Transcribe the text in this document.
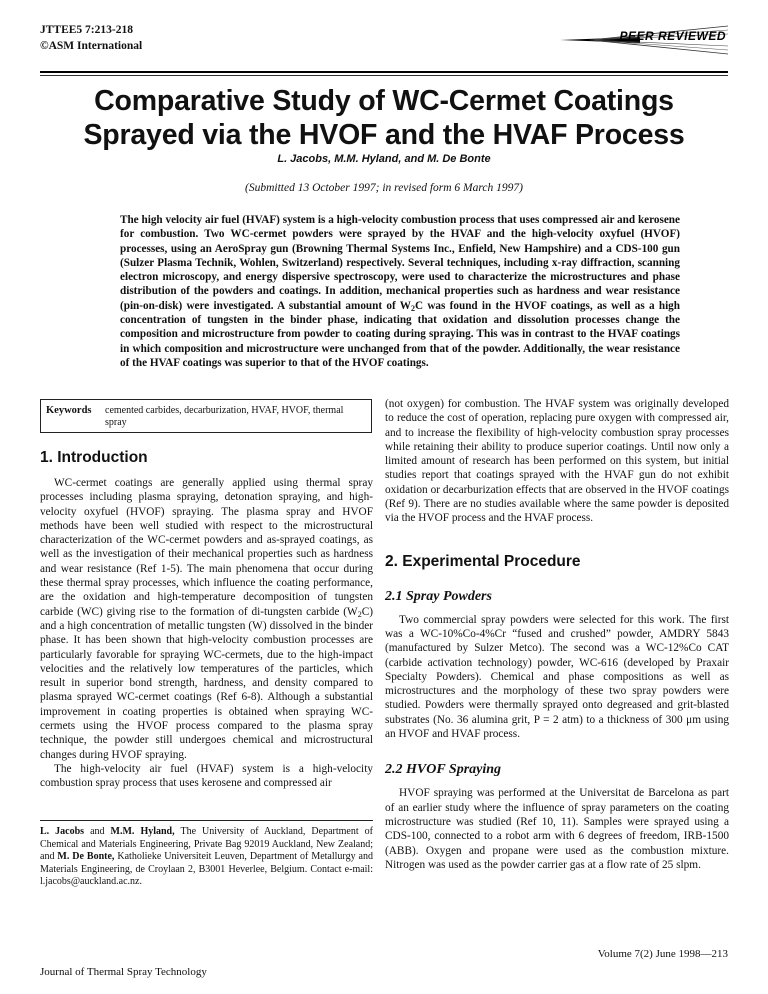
JTTEE5 7:213-218
©ASM International
PEER REVIEWED
Comparative Study of WC-Cermet Coatings
Sprayed via the HVOF and the HVAF Process
L. Jacobs, M.M. Hyland, and M. De Bonte
(Submitted 13 October 1997; in revised form 6 March 1997)
The high velocity air fuel (HVAF) system is a high-velocity combustion process that uses compressed air and kerosene for combustion. Two WC-cermet powders were sprayed by the HVAF and the high-velocity oxyfuel (HVOF) processes, using an AeroSpray gun (Browning Thermal Systems Inc., Enfield, New Hampshire) and a CDS-100 gun (Sulzer Plasma Technik, Wohlen, Switzerland) respectively. Several techniques, including x-ray diffraction, scanning electron microscopy, and energy dispersive spectroscopy, were used to characterize the microstructures and phase distribution of the powders and coatings. In addition, mechanical properties such as hardness and wear resistance (pin-on-disk) were investigated. A substantial amount of $W_2C$ was found in the HVOF coatings, as well as a high concentration of tungsten in the binder phase, indicating that oxidation and dissolution processes change the composition and microstructure from powder to coating during spraying. This was in contrast to the HVAF coatings in which composition and microstructure were unchanged from that of the powder. Additionally, the wear resistance of the HVAF coatings was superior to that of the HVOF coatings.
Keywords cemented carbides, decarburization, HVAF, HVOF, thermal spray
1. Introduction

WC-cermet coatings are generally applied using thermal spray processes including plasma spraying, detonation spraying, and high-velocity oxyfuel (HVOF) spraying. The plasma spray and HVOF methods have been well studied with respect to the microstructural characterization of the WC-cermet powders and as-sprayed coatings, as well as the investigation of their mechanical properties such as hardness and wear resistance (Ref 1-5). The main phenomena that occur during these thermal spray processes, which influence the coating performance, are the oxidation and high-temperature decomposition of tungsten carbide (WC) giving rise to the formation of di-tungsten carbide $(W_2C)$ and a high concentration of metallic tungsten (W) dissolved in the binder phase. It has been shown that high-velocity combustion processes are particularly favorable for spraying WC-cermets, due to the high-impact velocities and the relatively low temperatures of the particles, which result in superior bond strength, hardness, and density compared to plasma sprayed WC-cermet coatings (Ref 6-8). Although a substantial improvement in coating properties is obtained when spraying WC-cermets using the HVOF process compared to the plasma spray technique, the powder still undergoes chemical and microstructural changes during HVOF spraying.

The high-velocity air fuel (HVAF) system is a high-velocity combustion spray process that uses kerosene and compressed air

L. Jacobs and M.M. Hyland, The University of Auckland, Department of Chemical and Materials Engineering, Private Bag 92019 Auckland, New Zealand; and M. De Bonte, Katholieke Universiteit Leuven, Department of Metallurgy and Materials Engineering, de Croylaan 2, B3001 Heverlee, Belgium. Contact e-mail: l.jacobs@auckland.ac.nz.

(not oxygen) for combustion. The HVAF system was originally developed to reduce the cost of operation, replacing pure oxygen with compressed air, and to increase the flexibility of high-velocity combustion spray processes while retaining their ability to produce superior coatings. Until now only a limited amount of research has been performed on this system, but initial studies report that coatings sprayed with the HVAF gun do not exhibit oxidation or decarburization effects that are observed in the HVOF coatings (Ref 9). There are no studies available where the same powder is deposited via the HVOF process and the HVAF process.

2. Experimental Procedure
2.1 Spray Powders

Two commercial spray powders were selected for this work. The first was a WC-10%Co-4%Cr “fused and crushed” powder, AMDRY 5843 (manufactured by Sulzer Metco). The second was a WC-12%Co CAT (carbide activation technology) powder, WC-616 (developed by Praxair Specialty Powders). Chemical and phase compositions as well as microstructures and the morphology of these two spray powders were studied. Powders were thermally sprayed onto degreased and grit-blasted substrates (No. 36 alumina grit, P = 2 atm) to a thickness of 300 μm using an HVOF and HVAF process.

2.2 HVOF Spraying

HVOF spraying was performed at the Universitat de Barcelona as part of an earlier study where the influence of spray parameters on the coating microstructure was studied (Ref 10, 11). Samples were sprayed using a CDS-100, connected to a robot arm with 6 degrees of freedom, IRB-1500 (ABB). Oxygen and propane were used as the combustion mixture. Nitrogen was used as the powder carrier gas at a flow rate of 25 slpm.

Journal of Thermal Spray Technology
Volume 7(2) June 1998—213
